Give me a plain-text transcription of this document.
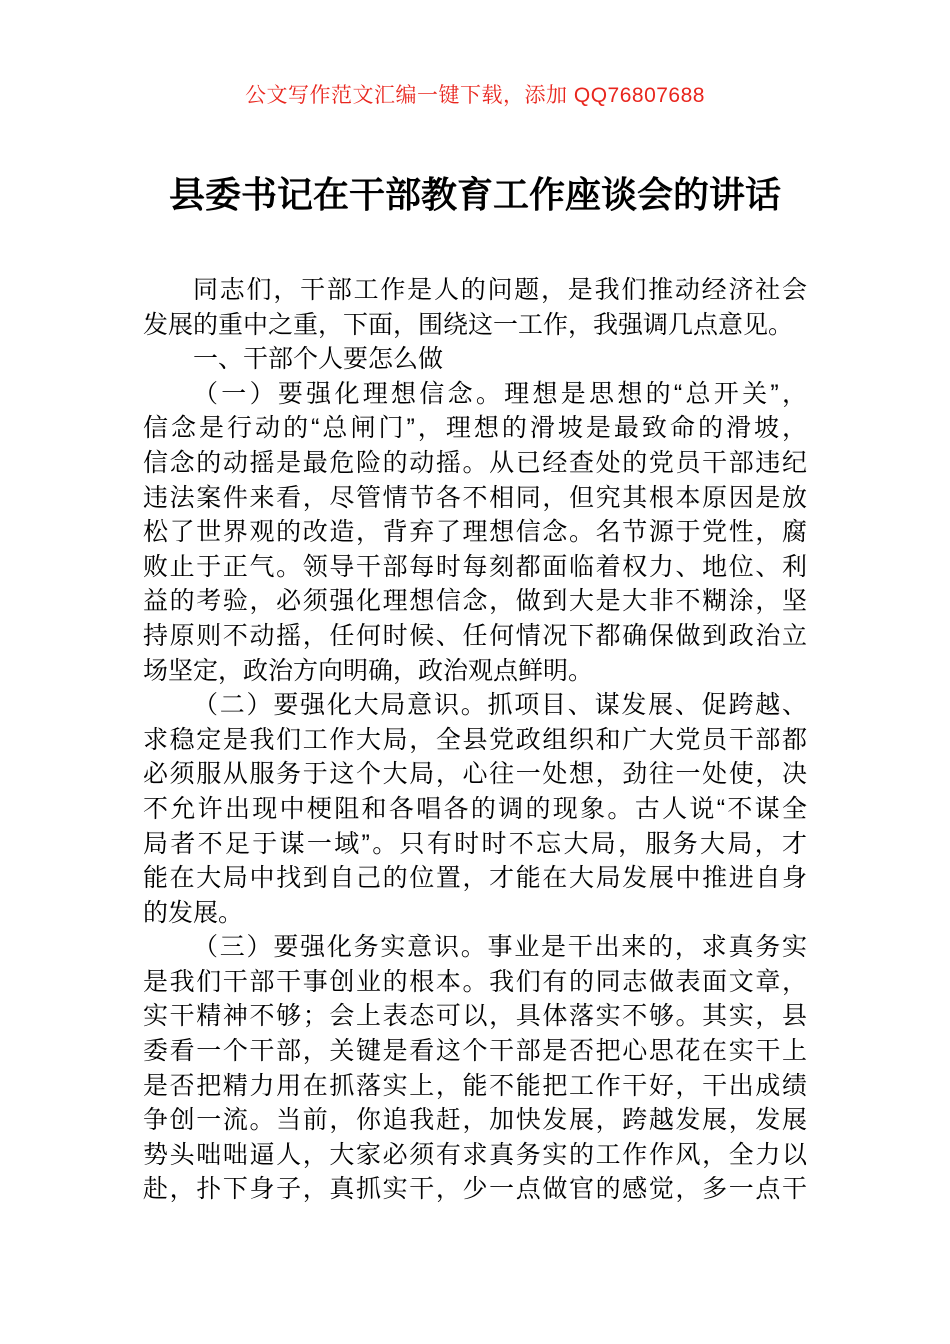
公文写作范文汇编一键下载，添加 QQ76807688
县委书记在干部教育工作座谈会的讲话
同志们，干部工作是人的问题，是我们推动经济社会
发展的重中之重，下面，围绕这一工作，我强调几点意见。
一、干部个人要怎么做
（一）要强化理想信念。理想是思想的“总开关”，
信念是行动的“总闸门”，理想的滑坡是最致命的滑坡，
信念的动摇是最危险的动摇。从已经查处的党员干部违纪
违法案件来看，尽管情节各不相同，但究其根本原因是放
松了世界观的改造，背弃了理想信念。名节源于党性，腐
败止于正气。领导干部每时每刻都面临着权力、地位、利
益的考验，必须强化理想信念，做到大是大非不糊涂，坚
持原则不动摇，任何时候、任何情况下都确保做到政治立
场坚定，政治方向明确，政治观点鲜明。
（二）要强化大局意识。抓项目、谋发展、促跨越、
求稳定是我们工作大局，全县党政组织和广大党员干部都
必须服从服务于这个大局，心往一处想，劲往一处使，决
不允许出现中梗阻和各唱各的调的现象。古人说“不谋全
局者不足于谋一域”。只有时时不忘大局，服务大局，才
能在大局中找到自己的位置，才能在大局发展中推进自身
的发展。
（三）要强化务实意识。事业是干出来的，求真务实
是我们干部干事创业的根本。我们有的同志做表面文章，
实干精神不够；会上表态可以，具体落实不够。其实，县
委看一个干部，关键是看这个干部是否把心思花在实干上
是否把精力用在抓落实上，能不能把工作干好，干出成绩
争创一流。当前，你追我赶，加快发展，跨越发展，发展
势头咄咄逼人，大家必须有求真务实的工作作风，全力以
赴，扑下身子，真抓实干，少一点做官的感觉，多一点干
